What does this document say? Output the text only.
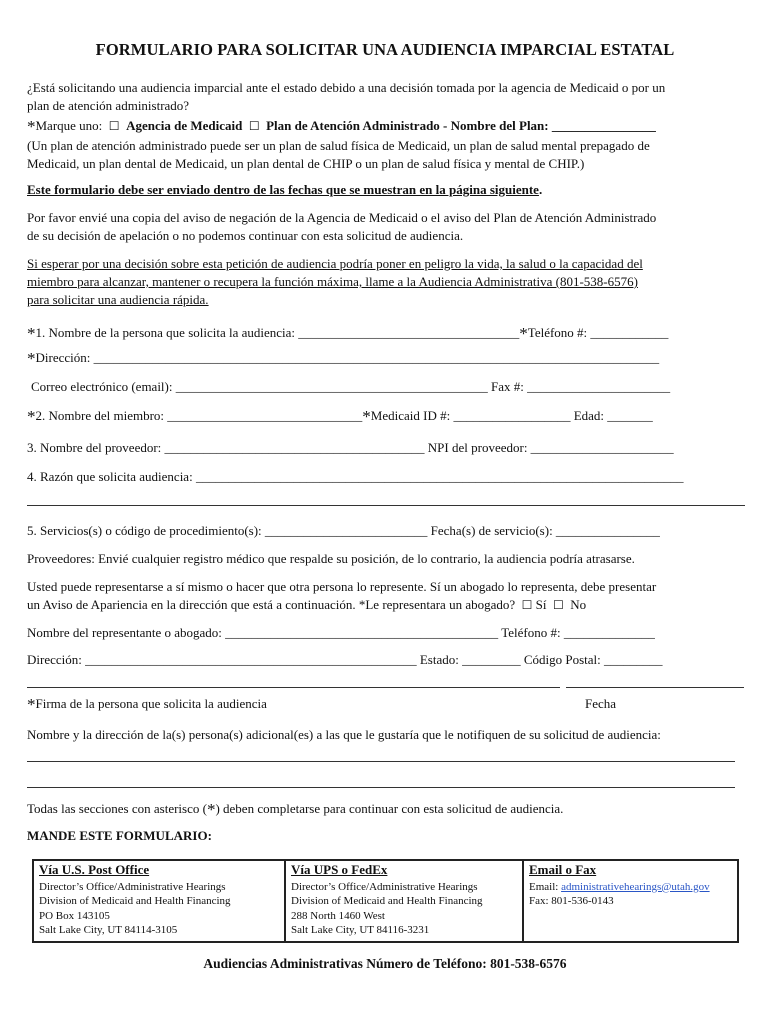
FORMULARIO PARA SOLICITAR UNA AUDIENCIA IMPARCIAL ESTATAL
¿Está solicitando una audiencia imparcial ante el estado debido a una decisión tomada por la agencia de Medicaid o por un
plan de atención administrado?
*Marque uno: ☐ Agencia de Medicaid ☐ Plan de Atención Administrado - Nombre del Plan: ________________
(Un plan de atención administrado puede ser un plan de salud física de Medicaid, un plan de salud mental prepagado de
Medicaid, un plan dental de Medicaid, un plan dental de CHIP o un plan de salud física y mental de CHIP.)
Este formulario debe ser enviado dentro de las fechas que se muestran en la página siguiente.
Por favor envié una copia del aviso de negación de la Agencia de Medicaid o el aviso del Plan de Atención Administrado
de su decisión de apelación o no podemos continuar con esta solicitud de audiencia.
Si esperar por una decisión sobre esta petición de audiencia podría poner en peligro la vida, la salud o la capacidad del
miembro para alcanzar, mantener o recupera la función máxima, llame a la Audiencia Administrativa (801-538-6576)
para solicitar una audiencia rápida.
*1. Nombre de la persona que solicita la audiencia: __________________________________*Teléfono #: ____________
*Dirección: _______________________________________________________________________________________
Correo electrónico (email): ________________________________________________ Fax #: ______________________
*2. Nombre del miembro: ______________________________*Medicaid ID #: __________________ Edad: _______
3. Nombre del proveedor: ________________________________________ NPI del proveedor: ______________________
4. Razón que solicita audiencia: ___________________________________________________________________________
5. Servicios(s) o código de procedimiento(s): _________________________ Fecha(s) de servicio(s): ________________
Proveedores: Envié cualquier registro médico que respalde su posición, de lo contrario, la audiencia podría atrasarse.
Usted puede representarse a sí mismo o hacer que otra persona lo represente. Sí un abogado lo representa, debe presentar
un Aviso de Apariencia en la dirección que está a continuación. *Le representara un abogado? ☐ Sí ☐ No
Nombre del representante o abogado: __________________________________________ Teléfono #: ______________
Dirección: ___________________________________________________ Estado: _________ Código Postal: _________
*Firma de la persona que solicita la audiencia	Fecha
Nombre y la dirección de la(s) persona(s) adicional(es) a las que le gustaría que le notifiquen de su solicitud de audiencia:
Todas las secciones con asterisco (*) deben completarse para continuar con esta solicitud de audiencia.
MANDE ESTE FORMULARIO:
Vía U.S. Post Office
Director’s Office/Administrative Hearings
Division of Medicaid and Health Financing
PO Box 143105
Salt Lake City, UT 84114-3105

Vía UPS o FedEx
Director’s Office/Administrative Hearings
Division of Medicaid and Health Financing
288 North 1460 West
Salt Lake City, UT 84116-3231

Email o Fax
Email: administrativehearings@utah.gov
Fax: 801-536-0143
Audiencias Administrativas Número de Teléfono: 801-538-6576
